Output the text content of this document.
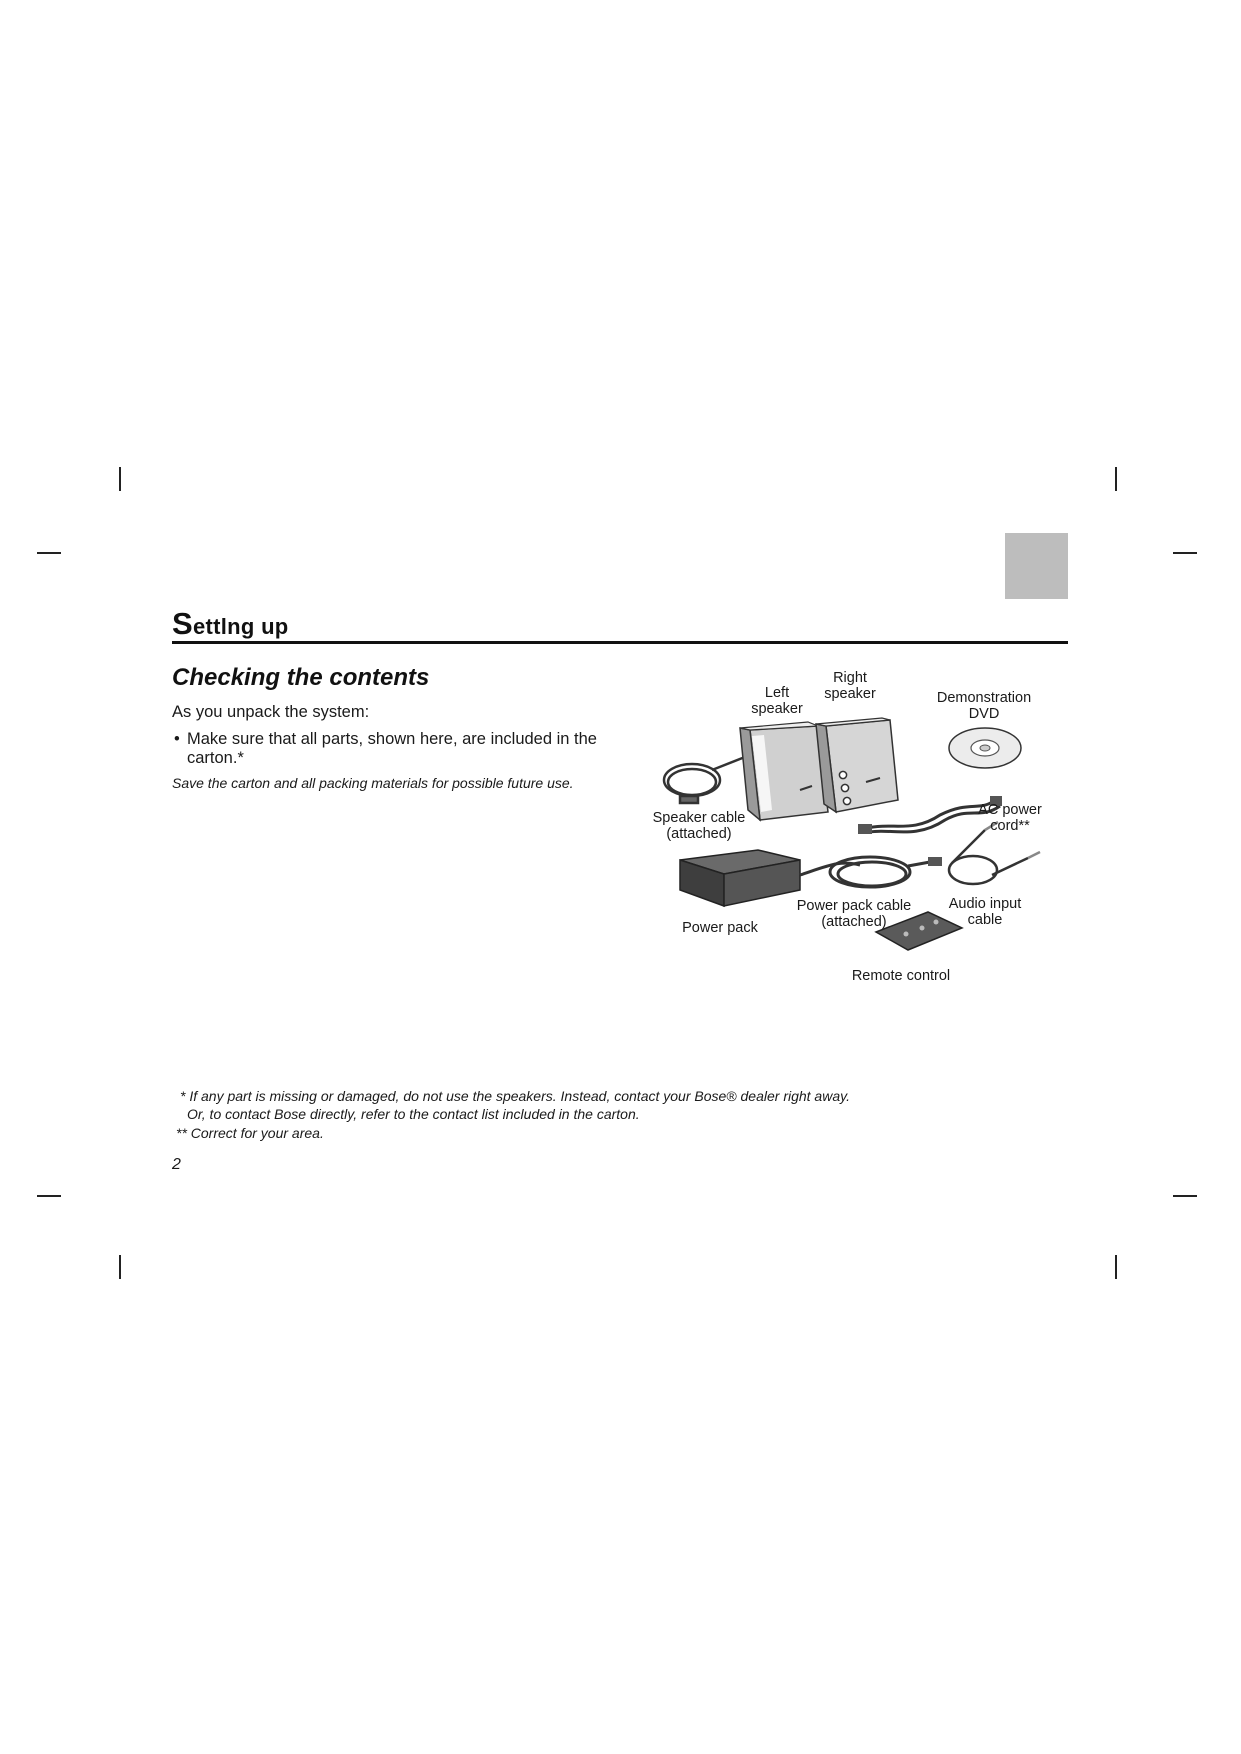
Settlng up
Checking the contents
As you unpack the system:
• Make sure that all parts, shown here, are included in the carton.*
Save the carton and all packing materials for possible future use.
Right
speaker
Left
speaker
Demonstration
DVD
Speaker cable
(attached)
AC power
cord**
Power pack cable
(attached)
Power pack
Audio input
cable
Remote control
* If any part is missing or damaged, do not use the speakers. Instead, contact your Bose® dealer right away.
Or, to contact Bose directly, refer to the contact list included in the carton.
** Correct for your area.
2
